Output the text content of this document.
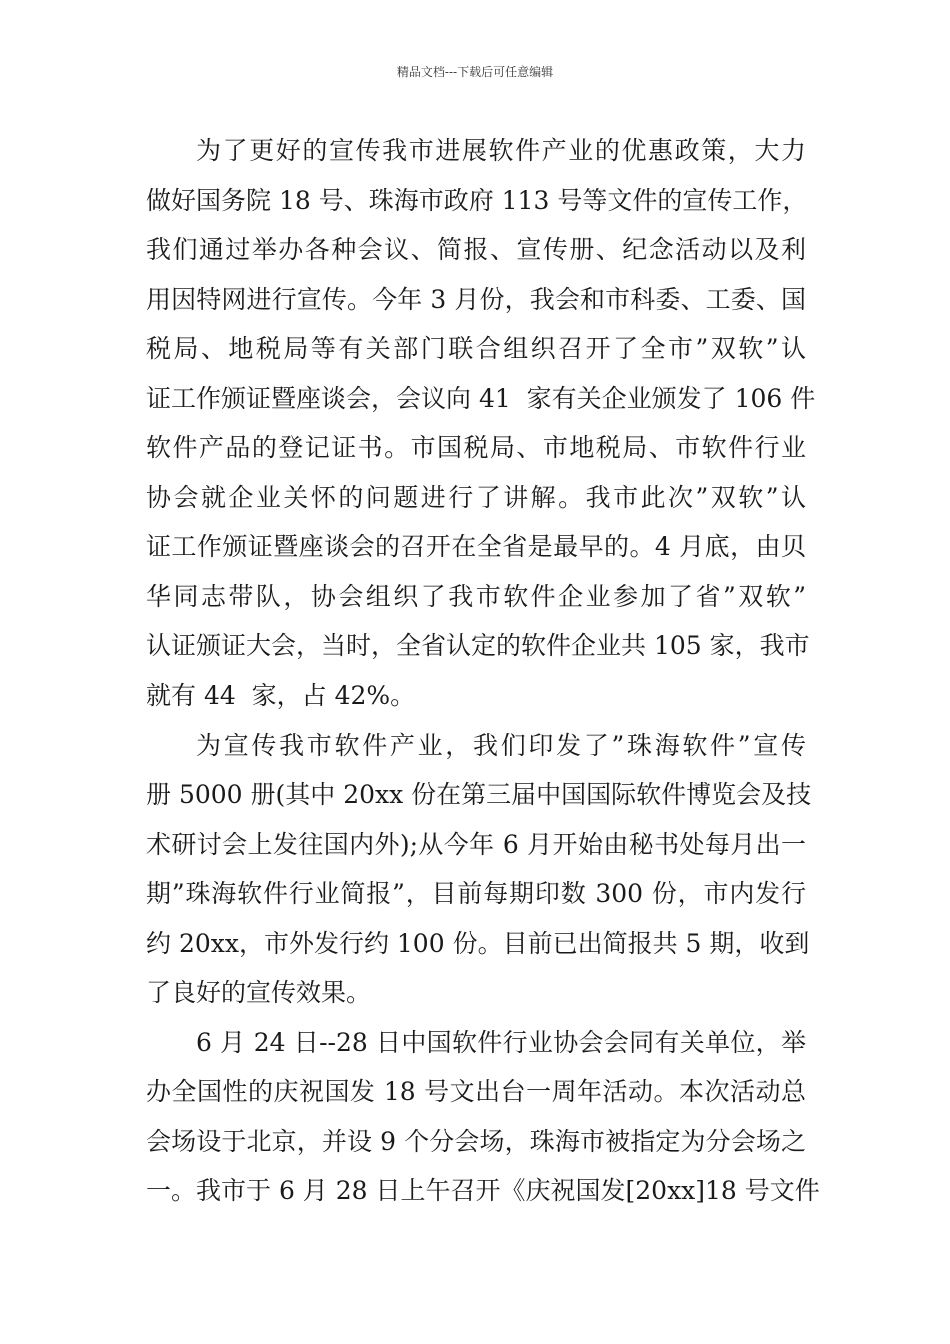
精品文档---下载后可任意编辑
为了更好的宣传我市进展软件产业的优惠政策，大力
做好国务院 18 号、珠海市政府 113 号等文件的宣传工作，
我们通过举办各种会议、简报、宣传册、纪念活动以及利
用因特网进行宣传。今年 3 月份，我会和市科委、工委、国
税局、地税局等有关部门联合组织召开了全市”双软”认
证工作颁证暨座谈会，会议向 41  家有关企业颁发了 106 件
软件产品的登记证书。市国税局、市地税局、市软件行业
协会就企业关怀的问题进行了讲解。我市此次”双软”认
证工作颁证暨座谈会的召开在全省是最早的。4 月底，由贝
华同志带队，协会组织了我市软件企业参加了省”双软”
认证颁证大会，当时，全省认定的软件企业共 105 家，我市
就有 44  家，占 42%。
为宣传我市软件产业，我们印发了”珠海软件”宣传
册 5000 册(其中 20xx 份在第三届中国国际软件博览会及技
术研讨会上发往国内外);从今年 6 月开始由秘书处每月出一
期”珠海软件行业简报”，目前每期印数 300 份，市内发行
约 20xx，市外发行约 100 份。目前已出简报共 5 期，收到
了良好的宣传效果。
6 月 24 日--28 日中国软件行业协会会同有关单位，举
办全国性的庆祝国发 18 号文出台一周年活动。本次活动总
会场设于北京，并设 9 个分会场，珠海市被指定为分会场之
一。我市于 6 月 28 日上午召开《庆祝国发[20xx]18 号文件
